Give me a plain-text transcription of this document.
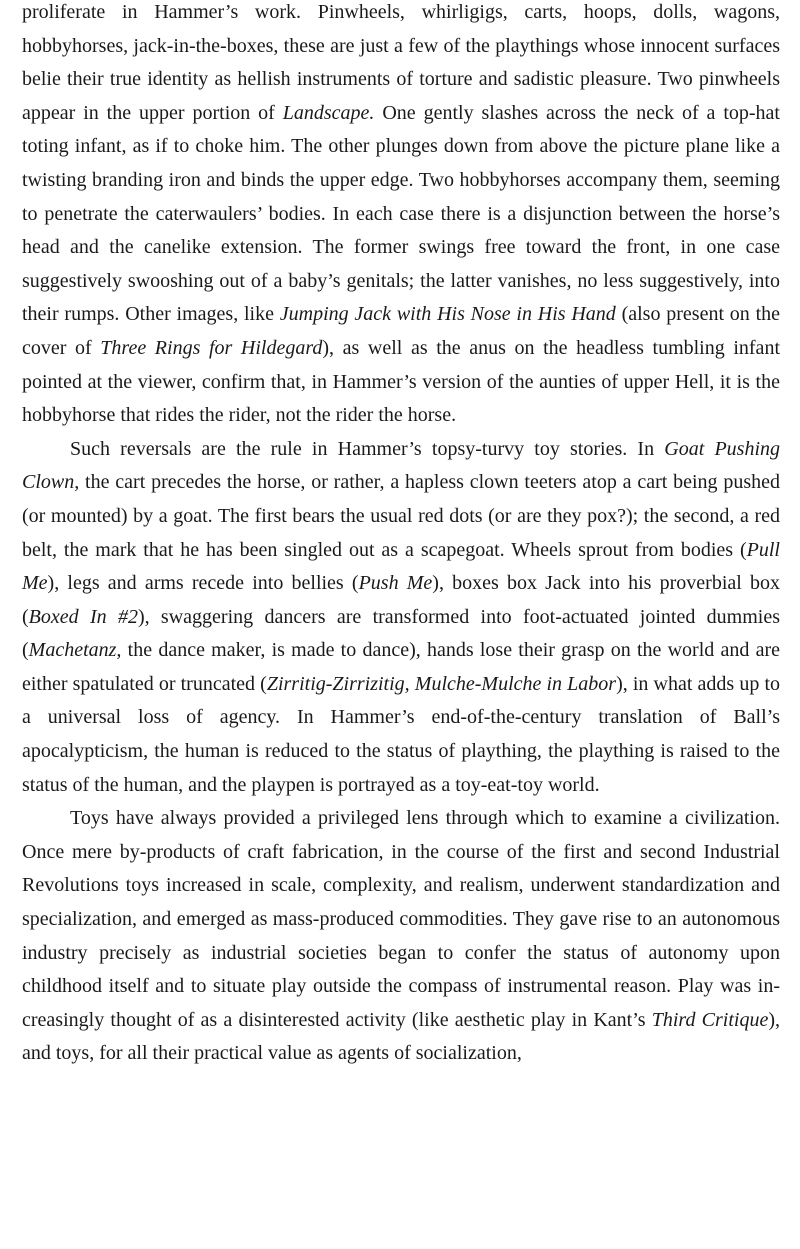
proliferate in Hammer’s work. Pinwheels, whirligigs, carts, hoops, dolls, wagons, hobbyhorses, jack-in-the-boxes, these are just a few of the playthings whose innocent surfaces belie their true identity as hellish instruments of torture and sadistic pleasure. Two pinwheels appear in the upper portion of Landscape. One gently slashes across the neck of a top-hat toting infant, as if to choke him. The other plunges down from above the picture plane like a twisting branding iron and binds the upper edge. Two hobbyhorses accompany them, seeming to penetrate the caterwaulers’ bodies. In each case there is a disjunction between the horse’s head and the canelike extension. The former swings free toward the front, in one case suggestively swooshing out of a baby’s genitals; the latter vanishes, no less suggestively, into their rumps. Other images, like Jumping Jack with His Nose in His Hand (also present on the cover of Three Rings for Hildegard), as well as the anus on the headless tumbling infant pointed at the viewer, confirm that, in Hammer’s version of the aunties of upper Hell, it is the hobbyhorse that rides the rider, not the rider the horse.

Such reversals are the rule in Hammer’s topsy-turvy toy stories. In Goat Pushing Clown, the cart precedes the horse, or rather, a hapless clown teeters atop a cart being pushed (or mounted) by a goat. The first bears the usual red dots (or are they pox?); the second, a red belt, the mark that he has been singled out as a scapegoat. Wheels sprout from bodies (Pull Me), legs and arms recede into bellies (Push Me), boxes box Jack into his proverbial box (Boxed In #2), swaggering dancers are transformed into foot-actuated jointed dummies (Machetanz, the dance maker, is made to dance), hands lose their grasp on the world and are either spatulated or truncated (Zirritig-Zirrizitig, Mulche-Mulche in Labor), in what adds up to a universal loss of agency. In Hammer’s end-of-the-century translation of Ball’s apocalypticism, the human is reduced to the status of plaything, the plaything is raised to the status of the human, and the playpen is portrayed as a toy-eat-toy world.

Toys have always provided a privileged lens through which to examine a civilization. Once mere by-products of craft fabrication, in the course of the first and second Industrial Revolutions toys increased in scale, complexity, and realism, underwent standardization and specialization, and emerged as mass-produced commodities. They gave rise to an autonomous industry precisely as industrial societies began to confer the status of autonomy upon childhood itself and to situate play outside the compass of instrumental reason. Play was increasingly thought of as a disinterested activity (like aesthetic play in Kant’s Third Critique), and toys, for all their practical value as agents of socialization,
